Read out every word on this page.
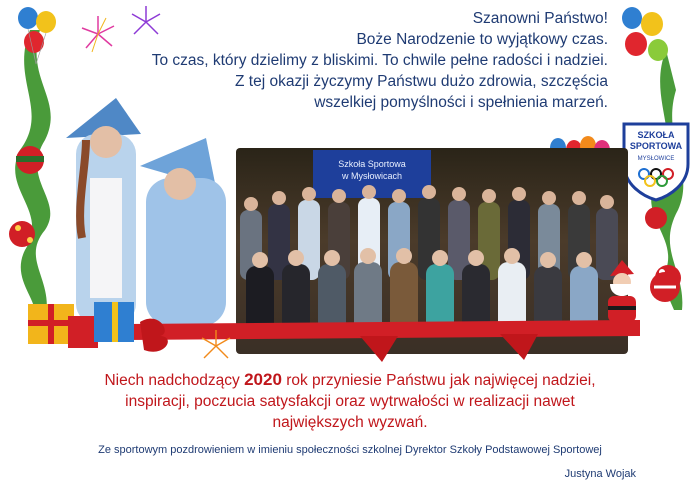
Szanowni Państwo!
Boże Narodzenie to wyjątkowy czas.
To czas, który dzielimy z bliskimi. To chwile pełne radości i nadziei.
Z tej okazji życzymy Państwu dużo zdrowia, szczęścia
wszelkiej pomyślności i spełnienia marzeń.
SZKOŁA
SPORTOWA
MYSŁOWICE
Szkoła Sportowa
w Mysłowicach
Niech nadchodzący 2020 rok przyniesie Państwu jak najwięcej nadziei,
inspiracji, poczucia satysfakcji oraz wytrwałości w realizacji nawet
największych wyzwań.
Ze sportowym pozdrowieniem w imieniu społeczności szkolnej Dyrektor Szkoły Podstawowej Sportowej
Justyna Wojak
